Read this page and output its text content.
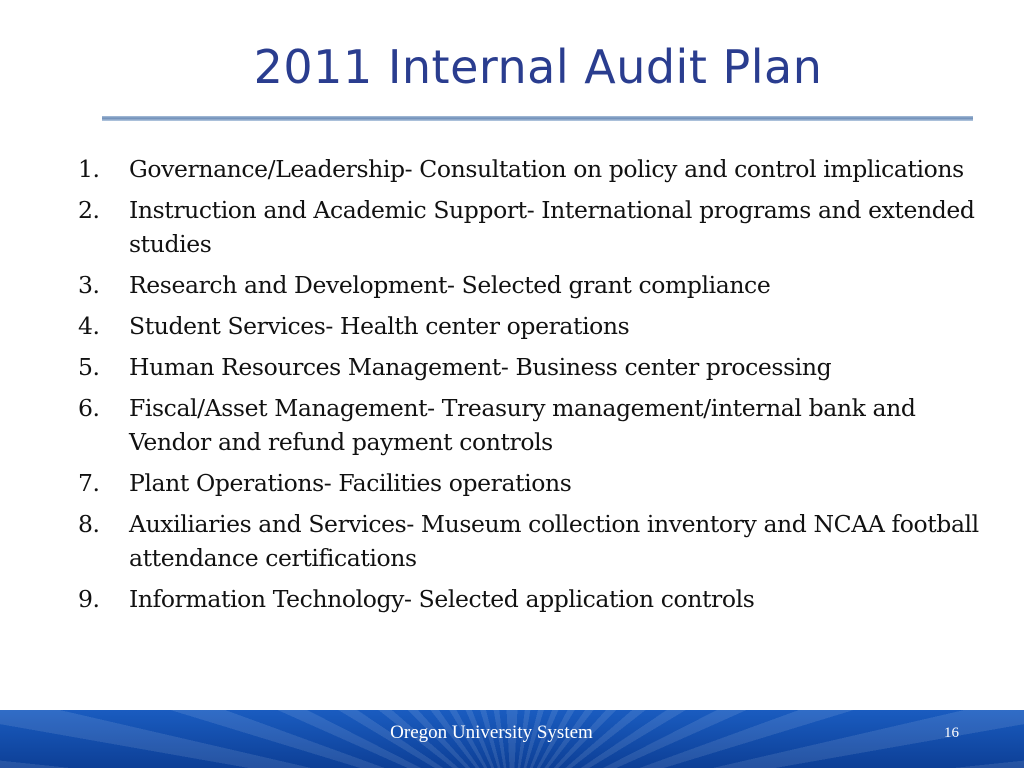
2011 Internal Audit Plan
1. Governance/Leadership- Consultation on policy and control implications
2. Instruction and Academic Support- International programs and extended studies
3. Research and Development- Selected grant compliance
4. Student Services- Health center operations
5. Human Resources Management- Business center processing
6. Fiscal/Asset Management- Treasury management/internal bank and Vendor and refund payment controls
7. Plant Operations- Facilities operations
8. Auxiliaries and Services- Museum collection inventory and NCAA football attendance certifications
9. Information Technology- Selected application controls
Oregon University System	16
